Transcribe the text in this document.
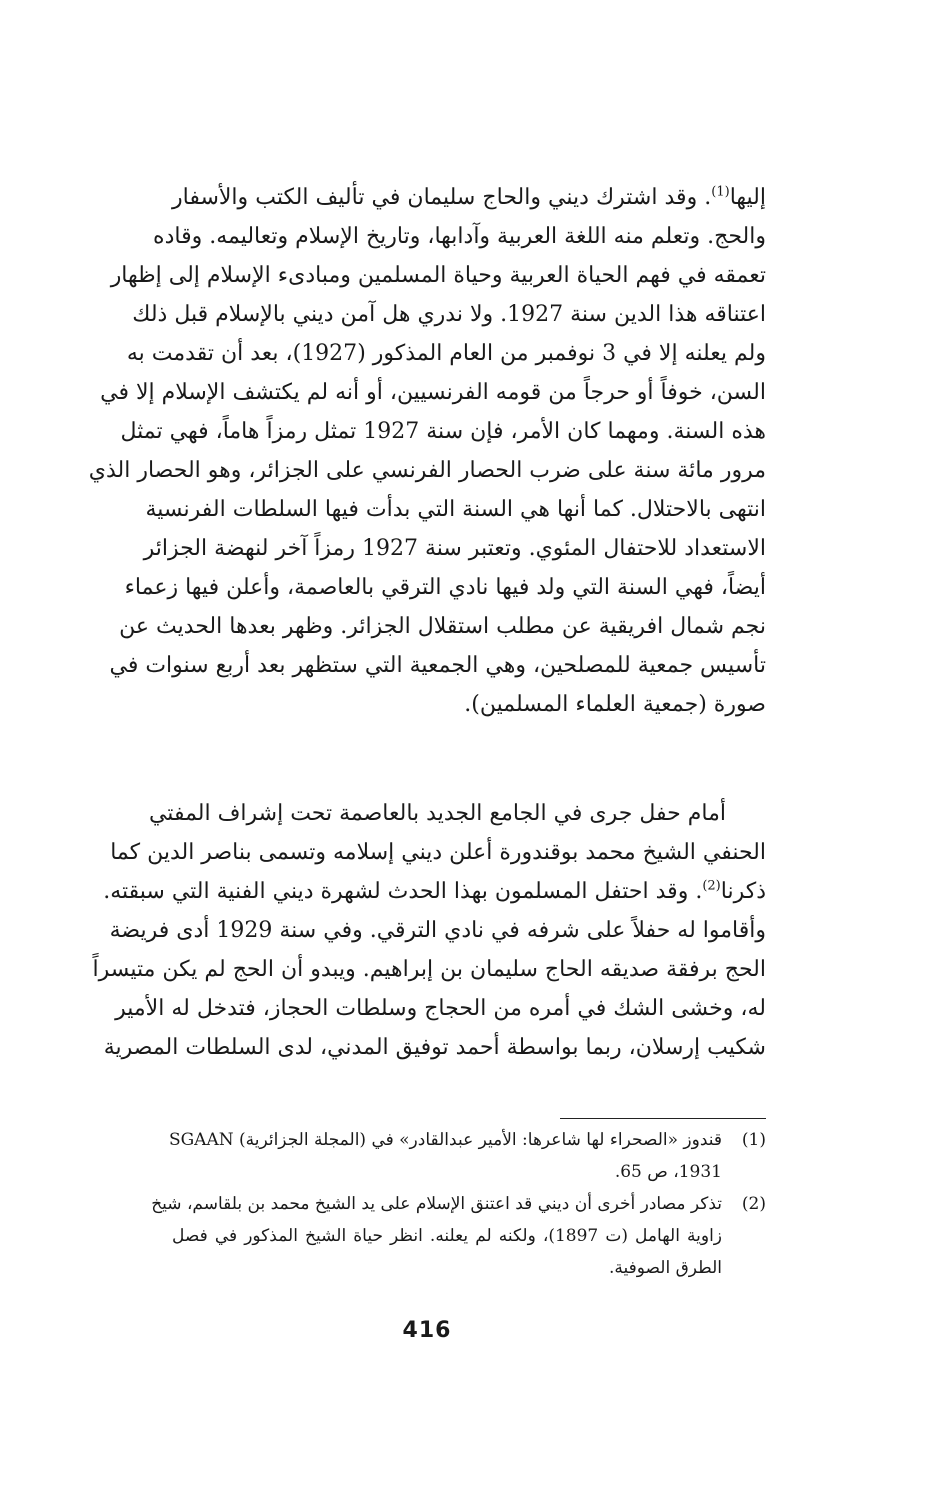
إليها$^{(1)}$. وقد اشترك ديني والحاج سليمان في تأليف الكتب والأسفار
والحج. وتعلم منه اللغة العربية وآدابها، وتاريخ الإسلام وتعاليمه. وقاده
تعمقه في فهم الحياة العربية وحياة المسلمين ومبادىء الإسلام إلى إظهار
اعتناقه هذا الدين سنة 1927. ولا ندري هل آمن ديني بالإسلام قبل ذلك
ولم يعلنه إلا في 3 نوفمبر من العام المذكور (1927)، بعد أن تقدمت به
السن، خوفاً أو حرجاً من قومه الفرنسيين، أو أنه لم يكتشف الإسلام إلا في
هذه السنة. ومهما كان الأمر، فإن سنة 1927 تمثل رمزاً هاماً، فهي تمثل
مرور مائة سنة على ضرب الحصار الفرنسي على الجزائر، وهو الحصار الذي
انتهى بالاحتلال. كما أنها هي السنة التي بدأت فيها السلطات الفرنسية
الاستعداد للاحتفال المئوي. وتعتبر سنة 1927 رمزاً آخر لنهضة الجزائر
أيضاً، فهي السنة التي ولد فيها نادي الترقي بالعاصمة، وأعلن فيها زعماء
نجم شمال افريقية عن مطلب استقلال الجزائر. وظهر بعدها الحديث عن
تأسيس جمعية للمصلحين، وهي الجمعية التي ستظهر بعد أربع سنوات في
صورة (جمعية العلماء المسلمين).
أمام حفل جرى في الجامع الجديد بالعاصمة تحت إشراف المفتي
الحنفي الشيخ محمد بوقندورة أعلن ديني إسلامه وتسمى بناصر الدين كما
ذكرنا$^{(2)}$. وقد احتفل المسلمون بهذا الحدث لشهرة ديني الفنية التي سبقته.
وأقاموا له حفلاً على شرفه في نادي الترقي. وفي سنة 1929 أدى فريضة
الحج برفقة صديقه الحاج سليمان بن إبراهيم. ويبدو أن الحج لم يكن متيسراً
له، وخشى الشك في أمره من الحجاج وسلطات الحجاز، فتدخل له الأمير
شكيب إرسلان، ربما بواسطة أحمد توفيق المدني، لدى السلطات المصرية
(1)قندوز «الصحراء لها شاعرها: الأمير عبدالقادر» في (المجلة الجزائرية) SGAAN
1931، ص 65.
(2)تذكر مصادر أخرى أن ديني قد اعتنق الإسلام على يد الشيخ محمد بن بلقاسم، شيخ
زاوية الهامل (ت 1897)، ولكنه لم يعلنه. انظر حياة الشيخ المذكور في فصل
الطرق الصوفية.
416
